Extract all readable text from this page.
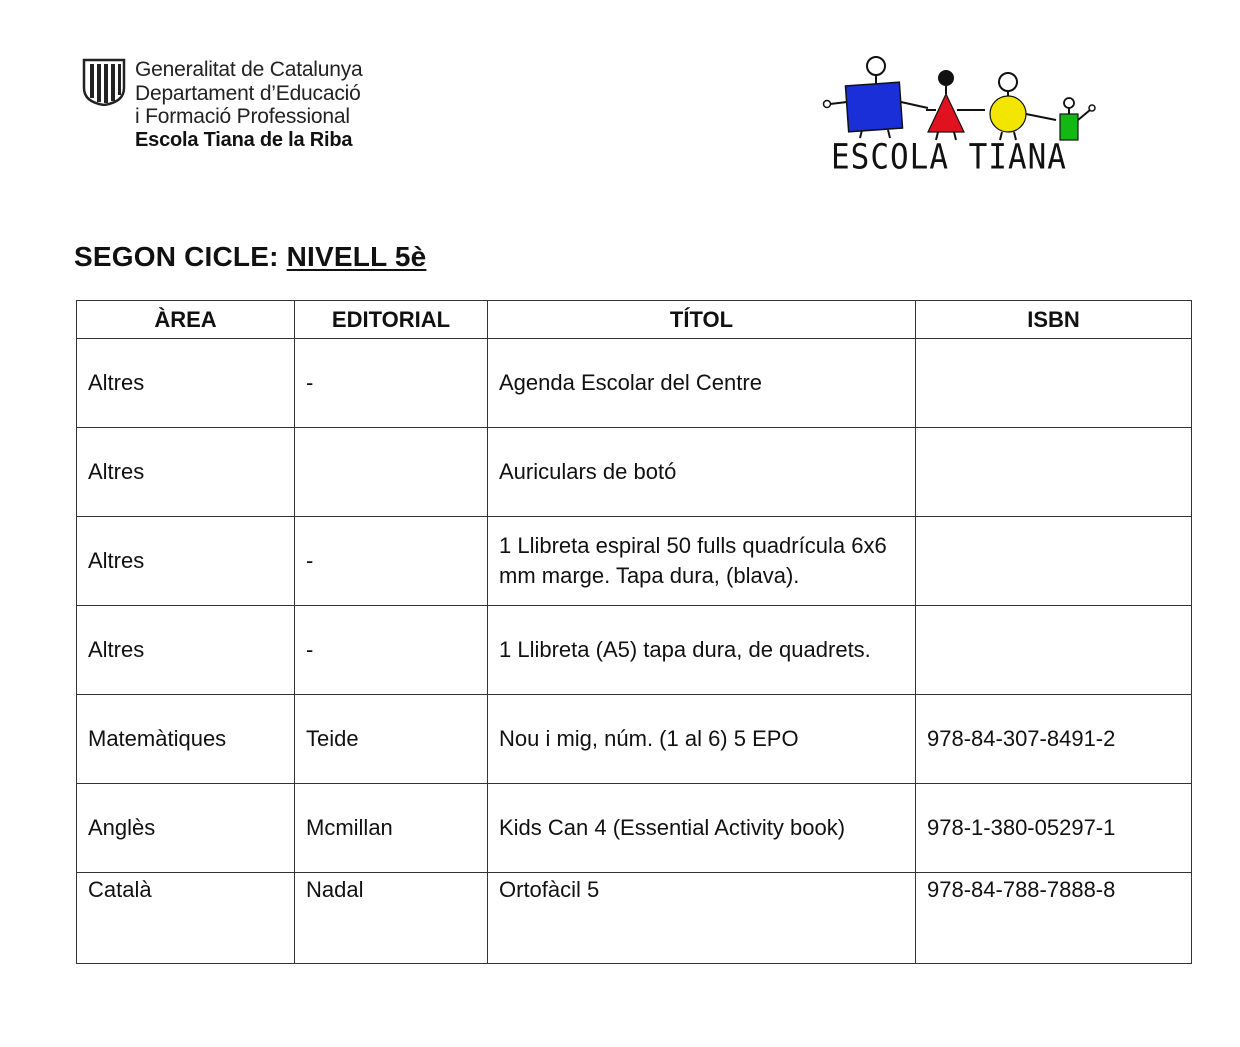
Generalitat de Catalunya
Departament d’Educació
i Formació Professional
Escola Tiana de la Riba	ESCOLA TIANA
SEGON CICLE: NIVELL 5è
ÀREA	EDITORIAL	TÍTOL	ISBN
Altres	-	Agenda Escolar del Centre	
Altres		Auriculars de botó	
Altres	-	1 Llibreta espiral 50 fulls quadrícula 6x6 mm marge. Tapa dura, (blava).	
Altres	-	1 Llibreta (A5) tapa dura, de quadrets.	
Matemàtiques	Teide	Nou i mig, núm. (1 al 6) 5 EPO	978-84-307-8491-2
Anglès	Mcmillan	Kids Can 4 (Essential Activity book)	978-1-380-05297-1
Català	Nadal	Ortofàcil 5	978-84-788-7888-8
